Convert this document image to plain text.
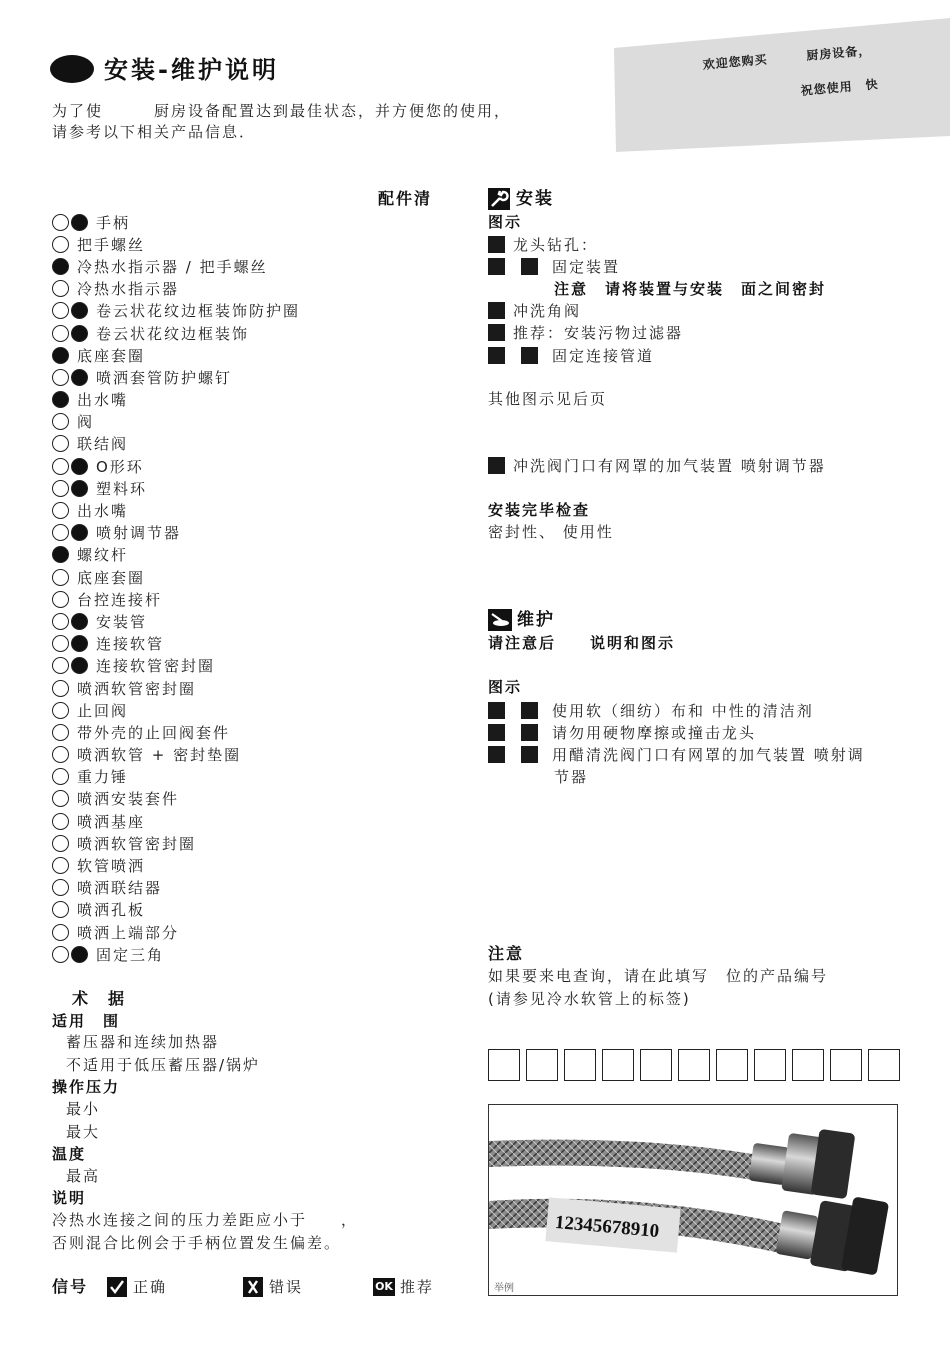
安装-维护说明
为了使　　　厨房设备配置达到最佳状态，并方便您的使用，
请参考以下相关产品信息．
欢迎您购买　　　厨房设备，
祝您使用　快
配件清
手柄
把手螺丝
冷热水指示器 / 把手螺丝
冷热水指示器
卷云状花纹边框装饰防护圈
卷云状花纹边框装饰
底座套圈
喷洒套管防护螺钉
出水嘴
阀
联结阀
O形环
塑料环
出水嘴
喷射调节器
螺纹杆
底座套圈
台控连接杆
安装管
连接软管
连接软管密封圈
喷洒软管密封圈
止回阀
带外壳的止回阀套件
喷洒软管 + 密封垫圈
重力锤
喷洒安装套件
喷洒基座
喷洒软管密封圈
软管喷洒
喷洒联结器
喷洒孔板
喷洒上端部分
固定三角
术　据
适用　围
蓄压器和连续加热器
不适用于低压蓄压器/锅炉
操作压力
最小
最大
温度
最高
说明
冷热水连接之间的压力差距应小于　　，
否则混合比例会于手柄位置发生偏差。
信号	正确	错误	OK 推荐
安装
图示
龙头钻孔：
固定装置
注意　请将装置与安装　面之间密封
冲洗角阀
推荐：安装污物过滤器
固定连接管道
其他图示见后页
冲洗阀门口有网罩的加气装置 喷射调节器
安装完毕检查
密封性、 使用性
维护
请注意后　　说明和图示
图示
使用软（细纺）布和 中性的清洁剂
请勿用硬物摩擦或撞击龙头
用醋清洗阀门口有网罩的加气装置 喷射调
节器
注意
如果要来电查询，请在此填写　位的产品编号
(请参见冷水软管上的标签)
12345678910
举例
